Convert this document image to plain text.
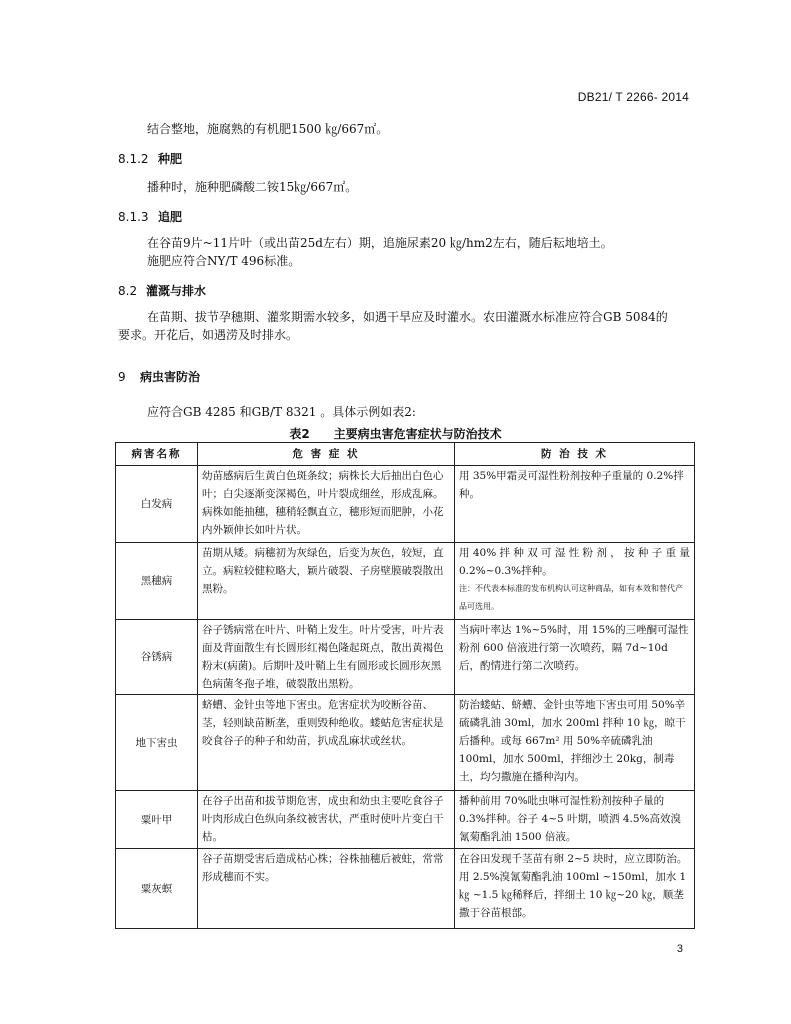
DB21/ T 2266- 2014
结合整地，施腐熟的有机肥1500 ㎏/667㎡。
8.1.2 种肥
播种时，施种肥磷酸二铵15㎏/667㎡。
8.1.3 追肥
在谷苗9片~11片叶（或出苗25d左右）期，追施尿素20 ㎏/hm2左右，随后耘地培土。
施肥应符合NY/T 496标准。
8.2 灌溉与排水
在苗期、拔节孕穗期、灌浆期需水较多，如遇干旱应及时灌水。农田灌溉水标准应符合GB 5084的
要求。开花后，如遇涝及时排水。
9 病虫害防治
应符合GB 4285 和GB/T 8321 。具体示例如表2:
表2　　主要病虫害危害症状与防治技术
病害名称	危 害 症 状	防 治 技 术
白发病	幼苗感病后生黄白色斑条纹；病株长大后抽出白色心叶；白尖逐渐变深褐色，叶片裂成细丝，形成乱麻。病株如能抽穗，穗稍轻飘直立，穗形短而肥肿，小花内外颖伸长如叶片状。	用 35%甲霜灵可湿性粉剂按种子重量的 0.2%拌种。
黑穗病	苗期从矮。病穗初为灰绿色，后变为灰色，较短，直立。病粒较健粒略大，颖片破裂、子房壁膜破裂散出黑粉。	用 40% 拌 种 双 可 湿 性 粉 剂 ， 按 种 子 重 量 0.2%~0.3%拌种。
注：不代表本标准的发布机构认可这种商品，如有本效和替代产品可选用。

谷锈病	谷子锈病常在叶片、叶鞘上发生。叶片受害，叶片表面及背面散生有长圆形红褐色隆起斑点，散出黄褐色粉末(病菌)。后期叶及叶鞘上生有圆形或长圆形灰黑色病菌冬孢子堆，破裂散出黑粉。	当病叶率达 1%~5%时，用 15%的三唑酮可湿性粉剂 600 倍液进行第一次喷药，隔 7d~10d 后，酌情进行第二次喷药。
地下害虫	蛴螬、金针虫等地下害虫。危害症状为咬断谷苗、茎，轻则缺苗断垄，重则毁种绝收。蝼蛄危害症状是咬食谷子的种子和幼苗，扒成乱麻状或丝状。	防治蝼蛄、蛴螬、金针虫等地下害虫可用 50%辛硫磷乳油 30ml，加水 200ml 拌种 10 ㎏，晾干后播种。或每 667m² 用 50%辛硫磷乳油 100ml，加水 500ml，拌细沙土 20kg，制毒土，均匀撒施在播种沟内。
粟叶甲	在谷子出苗和拔节期危害，成虫和幼虫主要吃食谷子叶肉形成白色纵向条纹被害状，严重时使叶片变白干枯。	播种前用 70%吡虫啉可湿性粉剂按种子量的 0.3%拌种。谷子 4~5 叶期，喷洒 4.5%高效溴氰菊酯乳油 1500 倍液。
粟灰螟	谷子苗期受害后造成枯心株；谷株抽穗后被蛀，常常形成穗而不实。	在谷田发现千茎苗有卵 2~5 块时，应立即防治。用 2.5%溴氰菊酯乳油 100ml ~150ml，加水 1 ㎏ ~1.5 ㎏稀释后，拌细土 10 ㎏~20 ㎏，顺垄撒于谷苗根部。
3
